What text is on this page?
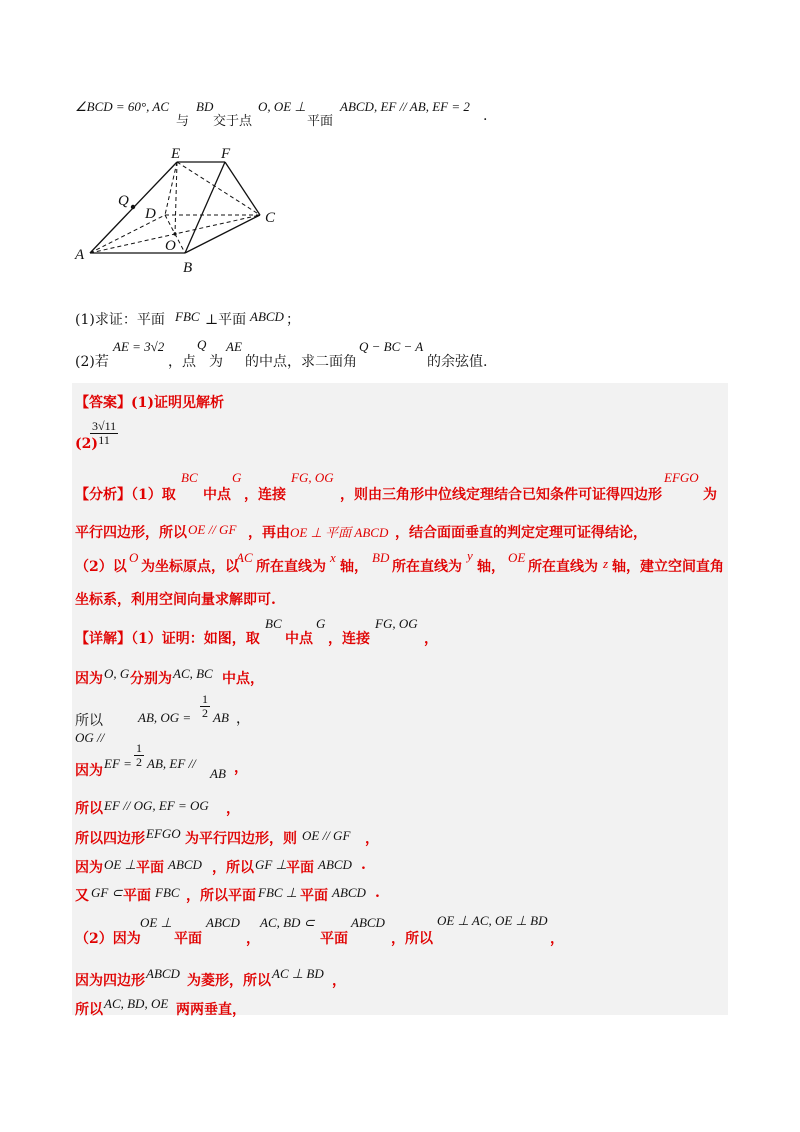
∠BCD = 60°, AC
与
BD
交于点
O, OE ⊥
平面
ABCD, EF // AB, EF = 2
.
E	F
Q
D	C
O
A
B
(1)求证：平面 FBC ⊥平面 ABCD ；
(2)若
AE = 3√2
，点
Q
为
AE
的中点，求二面角
Q − BC − A
的余弦值.
【答案】(1)证明见解析
(2)
$\frac{3√11}{11}$
【分析】（1）取
BC
中点
G
，连接
FG, OG
，则由三角形中位线定理结合已知条件可证得四边形
EFGO
为
平行四边形，所以 OE // GF ，再由 OE ⊥ 平面 ABCD ，结合面面垂直的判定定理可证得结论，
（2）以
O
为坐标原点，以
AC
所在直线为
x
轴，
BD
所在直线为
y
轴，
OE
所在直线为 z 轴，建立空间直角
坐标系，利用空间向量求解即可.
【详解】（1）证明：如图，取
BC
中点
G
，连接
FG, OG
，
因为 O, G 分别为 AC, BC 中点，
所以
OG //
AB, OG = $\frac{1}{2}$ AB ，
因为 EF = $\frac{1}{2}$ AB, EF //
AB ，
所以 EF // OG, EF = OG ，
所以四边形 EFGO 为平行四边形，则 OE // GF ，
因为 OE ⊥ 平面 ABCD ，所以 GF ⊥ 平面 ABCD .
又 GF ⊂ 平面 FBC ，所以平面 FBC ⊥ 平面 ABCD .
（2）因为
OE ⊥
平面
ABCD
，
AC, BD ⊂
平面
ABCD
，所以
OE ⊥ AC, OE ⊥ BD
，
因为四边形 ABCD 为菱形，所以 AC ⊥ BD ，
所以 AC, BD, OE 两两垂直，
